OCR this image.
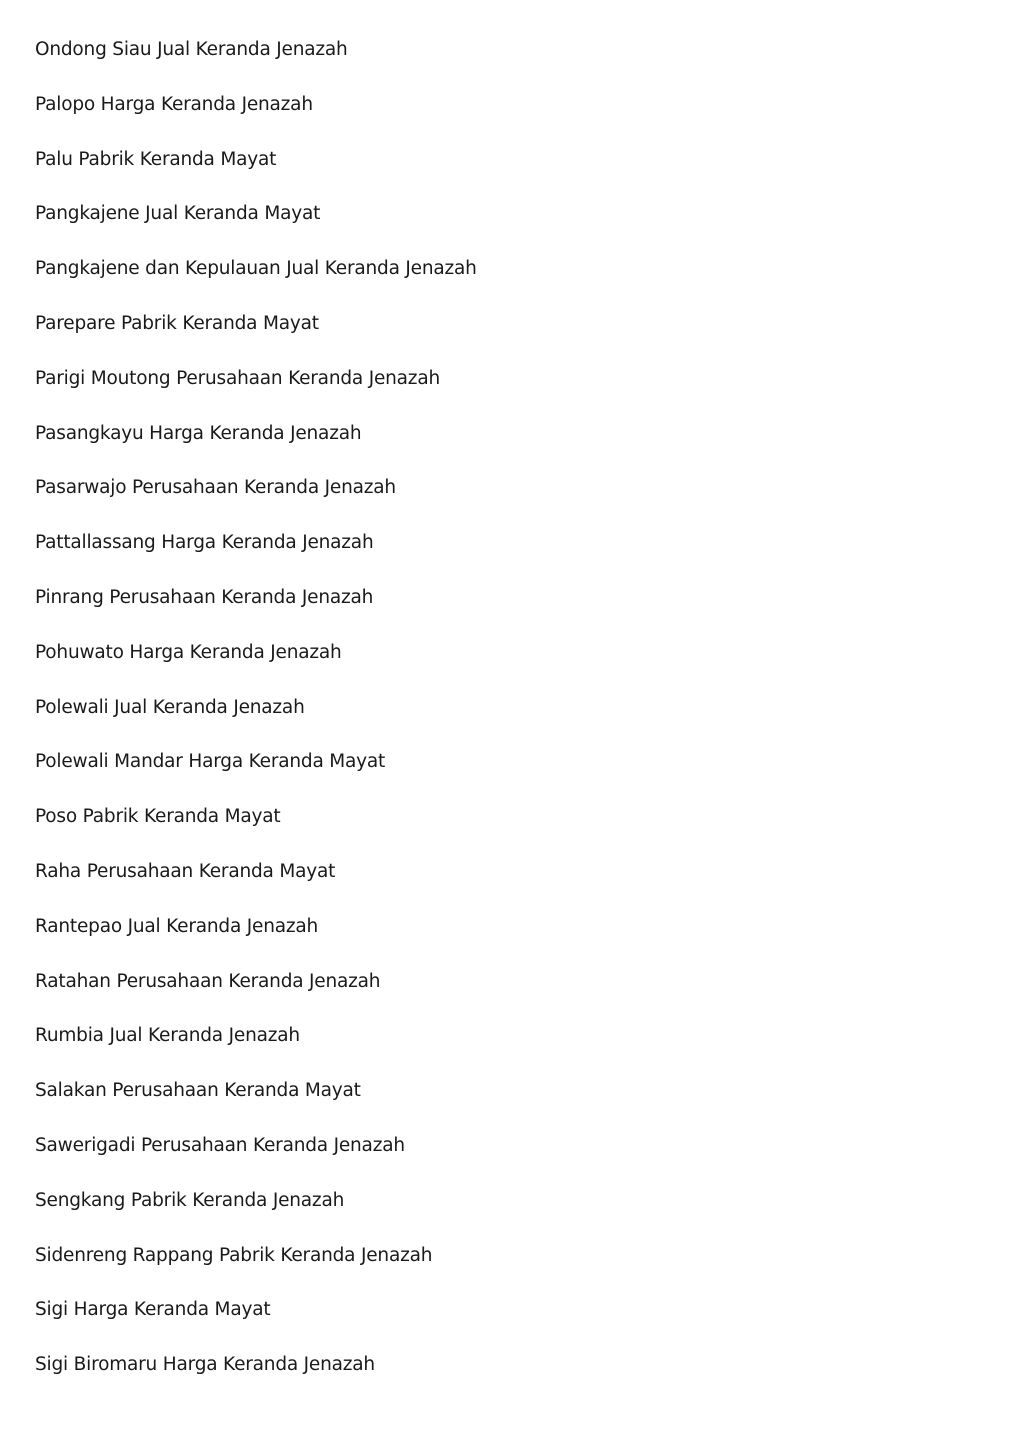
Ondong Siau Jual Keranda Jenazah
Palopo Harga Keranda Jenazah
Palu Pabrik Keranda Mayat
Pangkajene Jual Keranda Mayat
Pangkajene dan Kepulauan Jual Keranda Jenazah
Parepare Pabrik Keranda Mayat
Parigi Moutong Perusahaan Keranda Jenazah
Pasangkayu Harga Keranda Jenazah
Pasarwajo Perusahaan Keranda Jenazah
Pattallassang Harga Keranda Jenazah
Pinrang Perusahaan Keranda Jenazah
Pohuwato Harga Keranda Jenazah
Polewali Jual Keranda Jenazah
Polewali Mandar Harga Keranda Mayat
Poso Pabrik Keranda Mayat
Raha Perusahaan Keranda Mayat
Rantepao Jual Keranda Jenazah
Ratahan Perusahaan Keranda Jenazah
Rumbia Jual Keranda Jenazah
Salakan Perusahaan Keranda Mayat
Sawerigadi Perusahaan Keranda Jenazah
Sengkang Pabrik Keranda Jenazah
Sidenreng Rappang Pabrik Keranda Jenazah
Sigi Harga Keranda Mayat
Sigi Biromaru Harga Keranda Jenazah
